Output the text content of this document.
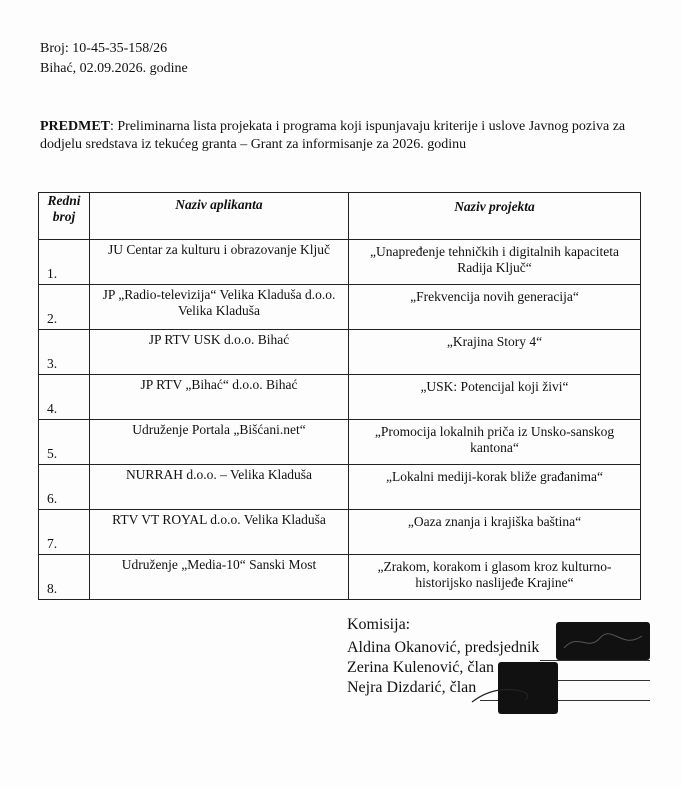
Broj: 10-45-35-158/26
Bihać, 02.09.2026. godine
PREDMET: Preliminarna lista projekata i programa koji ispunjavaju kriterije i uslove Javnog poziva za dodjelu sredstava iz tekućeg granta – Grant za informisanje za 2026. godinu
Redni broj	Naziv aplikanta	Naziv projekta
1.	JU Centar za kulturu i obrazovanje Ključ	„Unapređenje tehničkih i digitalnih kapaciteta Radija Ključ“
2.	JP „Radio-televizija“ Velika Kladuša d.o.o. Velika Kladuša	„Frekvencija novih generacija“
3.	JP RTV USK d.o.o. Bihać	„Krajina Story 4“
4.	JP RTV „Bihać“ d.o.o. Bihać	„USK: Potencijal koji živi“
5.	Udruženje Portala „Bišćani.net“	„Promocija lokalnih priča iz Unsko-sanskog kantona“
6.	NURRAH d.o.o. – Velika Kladuša	„Lokalni mediji-korak bliže građanima“
7.	RTV VT ROYAL d.o.o. Velika Kladuša	„Oaza znanja i krajiška baština“
8.	Udruženje „Media-10“ Sanski Most	„Zrakom, korakom i glasom kroz kulturno-historijsko naslijeđe Krajine“
Komisija:
Aldina Okanović, predsjednik
Zerina Kulenović, član
Nejra Dizdarić, član
